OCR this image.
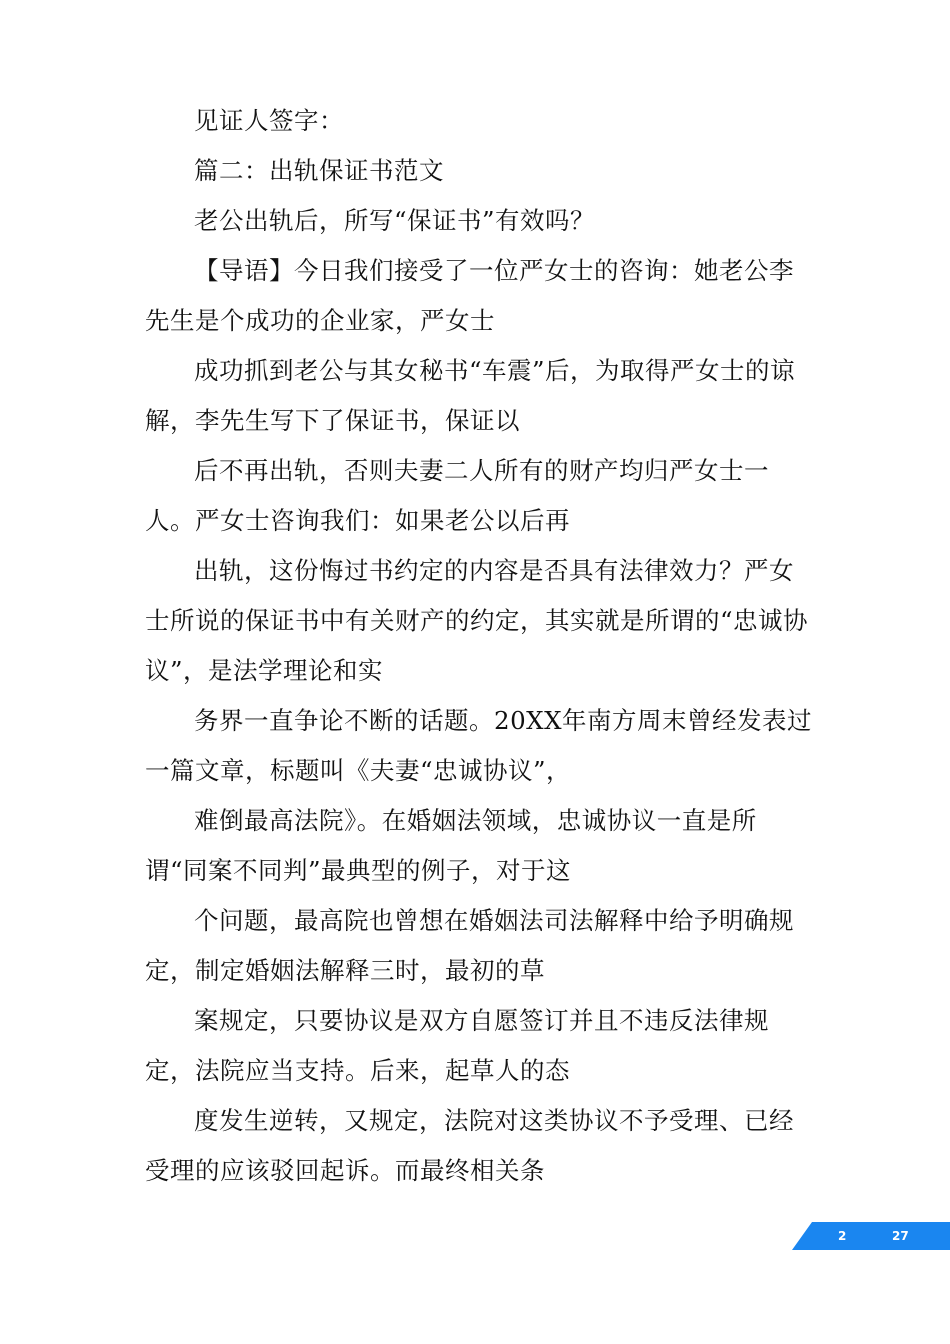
见证人签字：

篇二：出轨保证书范文

老公出轨后，所写“保证书”有效吗？

【导语】今日我们接受了一位严女士的咨询：她老公李先生是个成功的企业家，严女士

成功抓到老公与其女秘书“车震”后，为取得严女士的谅解，李先生写下了保证书，保证以

后不再出轨，否则夫妻二人所有的财产均归严女士一人。严女士咨询我们：如果老公以后再

出轨，这份悔过书约定的内容是否具有法律效力？严女士所说的保证书中有关财产的约定，其实就是所谓的“忠诚协议”，是法学理论和实

务界一直争论不断的话题。20XX年南方周末曾经发表过一篇文章，标题叫《夫妻“忠诚协议”，

难倒最高法院》。在婚姻法领域，忠诚协议一直是所谓“同案不同判”最典型的例子，对于这

个问题，最高院也曾想在婚姻法司法解释中给予明确规定，制定婚姻法解释三时，最初的草

案规定，只要协议是双方自愿签订并且不违反法律规定，法院应当支持。后来，起草人的态

度发生逆转，又规定，法院对这类协议不予受理、已经受理的应该驳回起诉。而最终相关条

2	27
